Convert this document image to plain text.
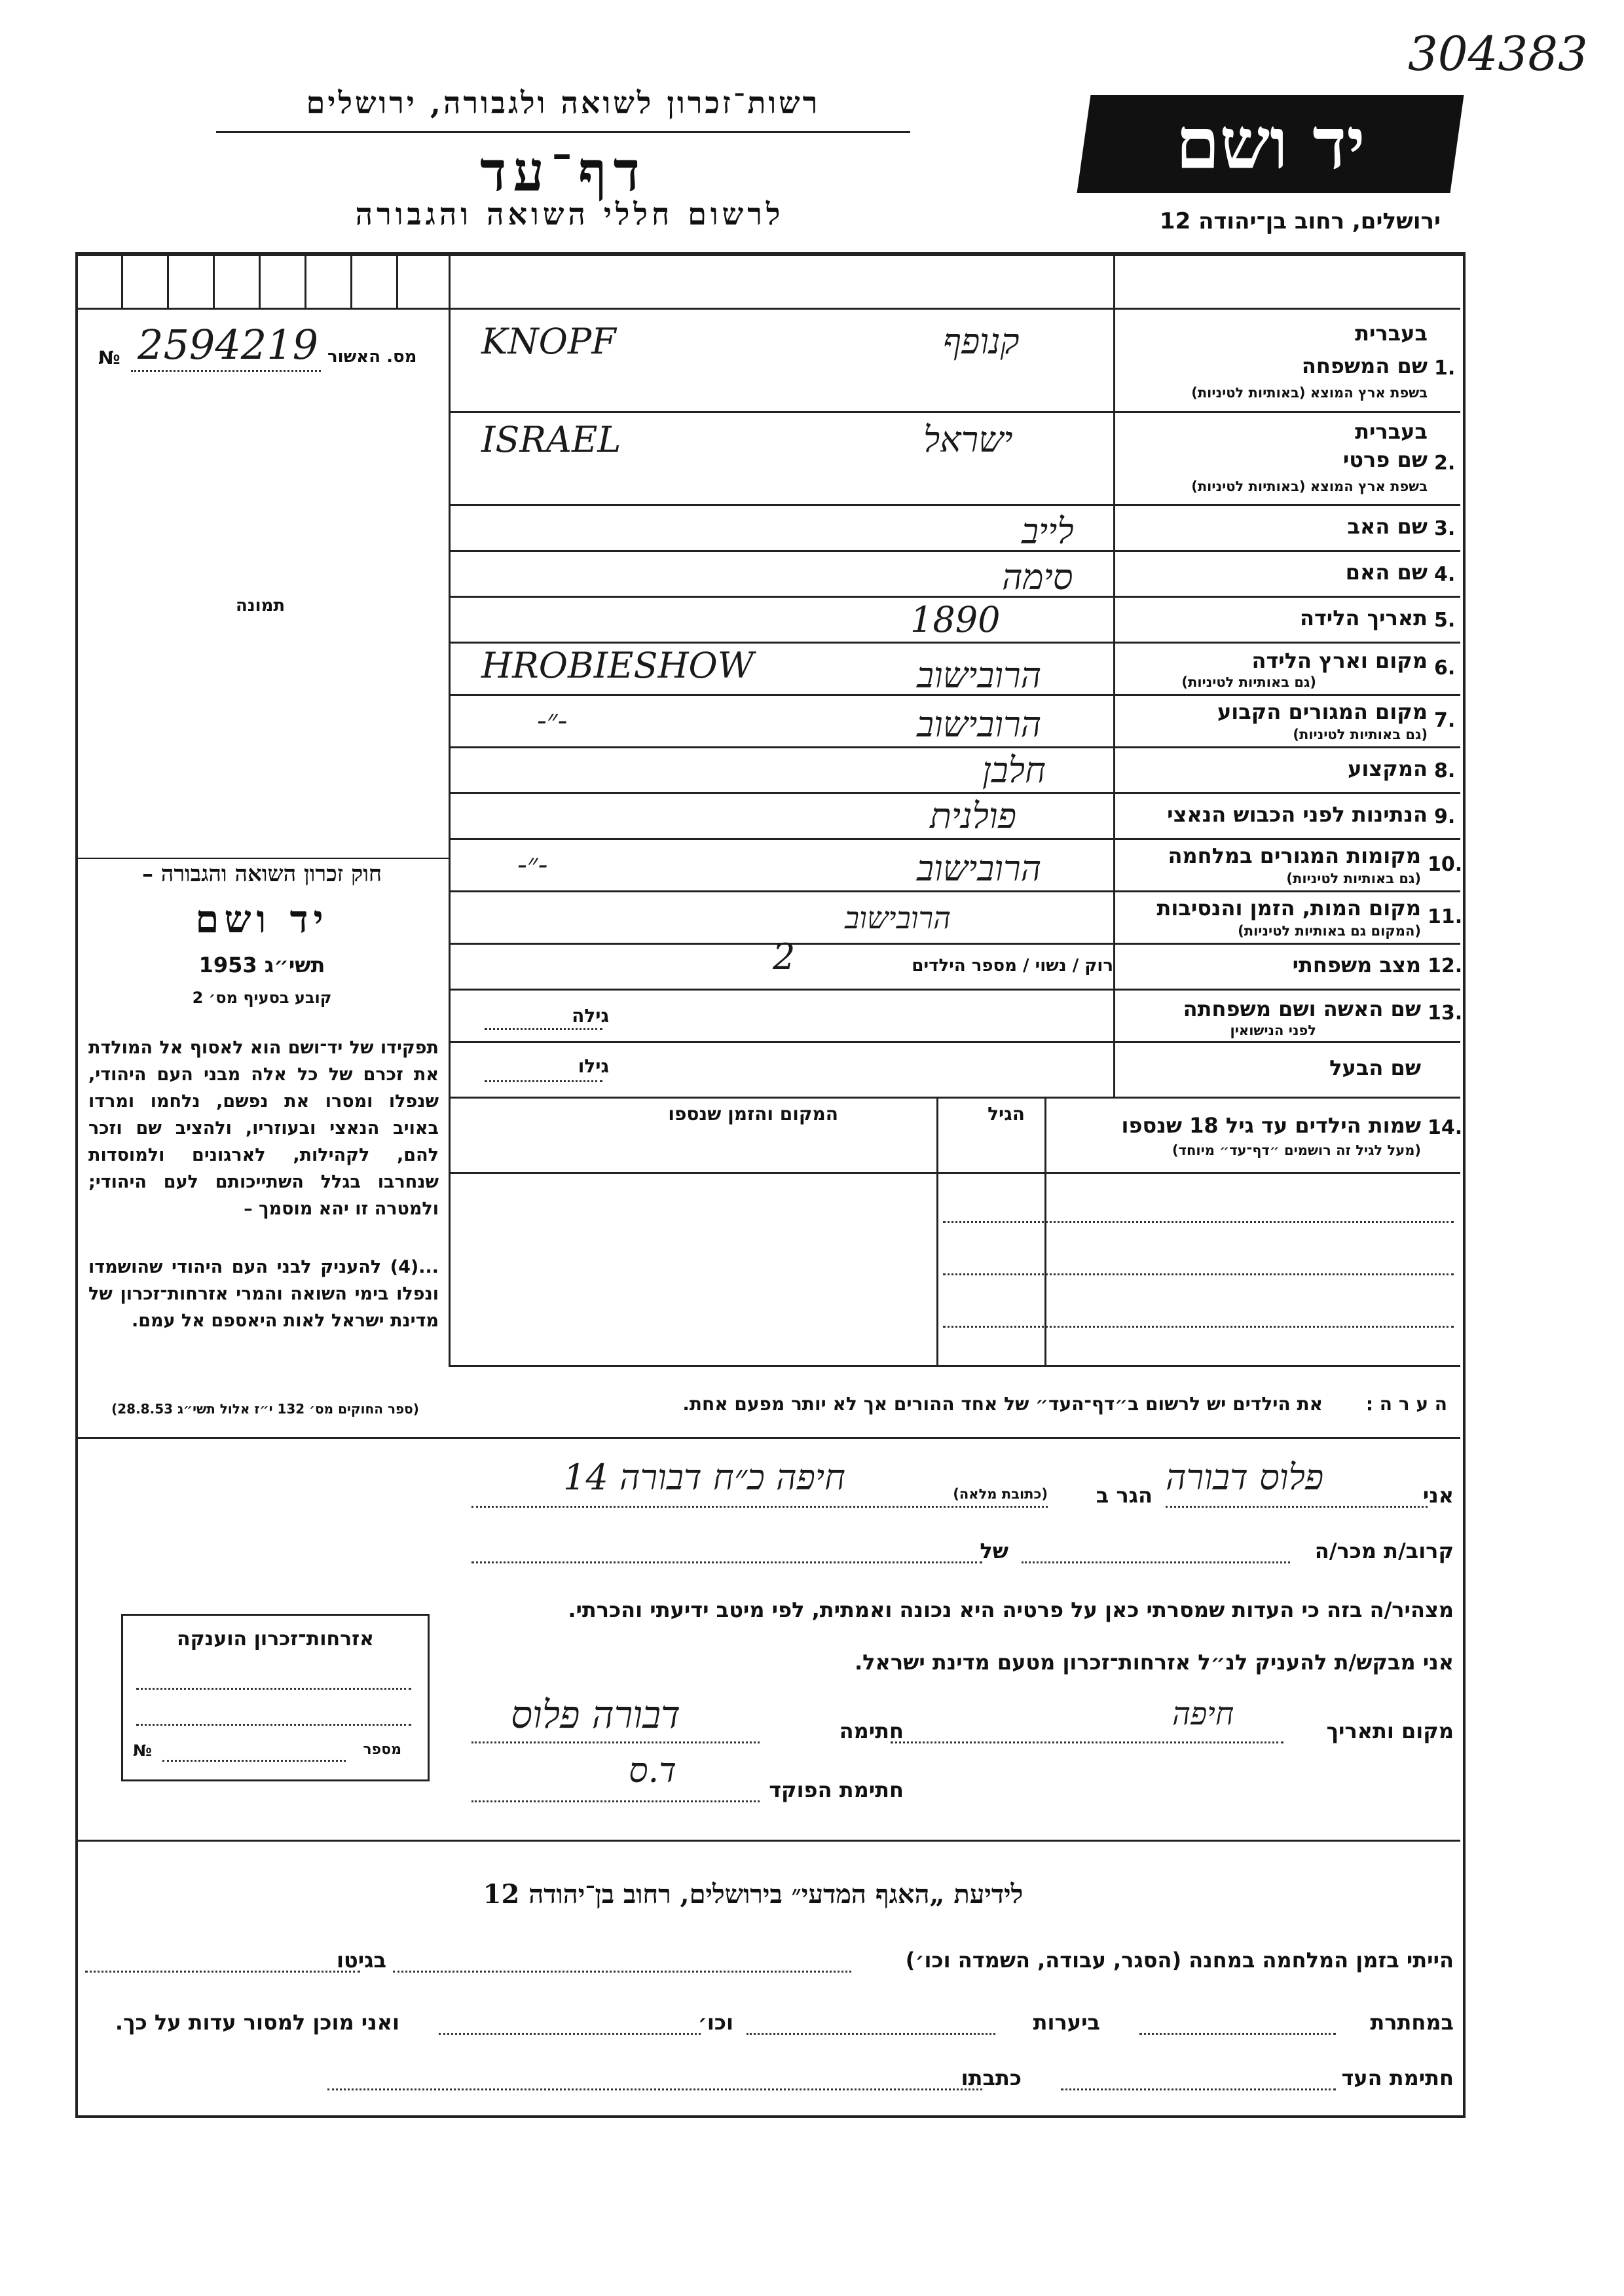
304383
רשות־זכרון לשואה ולגבורה, ירושלים
דף־עד
לרשום חללי השואה והגבורה
יד ושם
ירושלים, רחוב בן־יהודה 12
מס. האשור
2594219
№
תמונה
בעברית
1.
שם המשפחה
בשפת ארץ המוצא (באותיות לטיניות)
KNOPF	קנופף
בעברית
2.
שם פרטי
בשפת ארץ המוצא (באותיות לטיניות)
ISRAEL	ישראל
3.
שם האב
לייב
4.
שם האם
סימה
5.
תאריך הלידה
1890
6.
מקום וארץ הלידה
(גם באותיות לטיניות)
HROBIESHOW	הרובישוב
7.
מקום המגורים הקבוע
(גם באותיות לטיניות)
-״-	הרובישוב
8.
המקצוע
חלבן
9.
הנתינות לפני הכבוש הנאצי
פולנית
10.
מקומות המגורים במלחמה
(גם באותיות לטיניות)
-״-	הרובישוב
11.
מקום המות, הזמן והנסיבות
(המקום גם באותיות לטיניות)
הרובישוב
12.
מצב משפחתי
רוק / נשוי / מספר הילדים
2
13.
שם האשה ושם משפחתה
לפני הנישואין
גילה
שם הבעל
גילו
14.
שמות הילדים עד גיל 18 שנספו
(מעל לגיל זה רושמים ״דף־עד״ מיוחד)
הגיל
המקום והזמן שנספו
חוק זכרון השואה והגבורה –
יד ושם
תשי״ג 1953
קובע בסעיף מס׳ 2
תפקידו של יד־ושם הוא לאסוף אל המולדת את זכרם של כל אלה מבני העם היהודי, שנפלו ומסרו את נפשם, נלחמו ומרדו באויב הנאצי ובעוזריו, ולהציב שם וזכר להם, לקהילות, לארגונים ולמוסדות שנחרבו בגלל השתייכותם לעם היהודי; ולמטרה זו יהא מוסמך –
...(4) להעניק לבני העם היהודי שהושמדו ונפלו בימי השואה והמרי אזרחות־זכרון של מדינת ישראל לאות היאספם אל עמם.
(ספר החוקים מס׳ 132 י״ז אלול תשי״ג 28.8.53)	ה ע ר ה :
את הילדים יש לרשום ב״דף־העד״ של אחד ההורים אך לא יותר מפעם אחת.
אני
פלוס דבורה
הגר ב
(כתובת מלאה)
חיפה כ״ח דבורה 14
קרוב/ת מכר/ה
של
מצהיר/ה בזה כי העדות שמסרתי כאן על פרטיה היא נכונה ואמתית, לפי מיטב ידיעתי והכרתי.
אני מבקש/ת להעניק לנ״ל אזרחות־זכרון מטעם מדינת ישראל.
מקום ותאריך
חיפה
חתימה
דבורה פלוס
חתימת הפוקד
ד.ס
אזרחות־זכרון הוענקה
מספר
№
לידיעת „האגף המדעי״ בירושלים, רחוב בן־יהודה 12
הייתי בזמן המלחמה במחנה (הסגר, עבודה, השמדה וכו׳)
בגיטו
במחתרת
ביערות
וכו׳
ואני מוכן למסור עדות על כך.
חתימת העד
כתבתו
